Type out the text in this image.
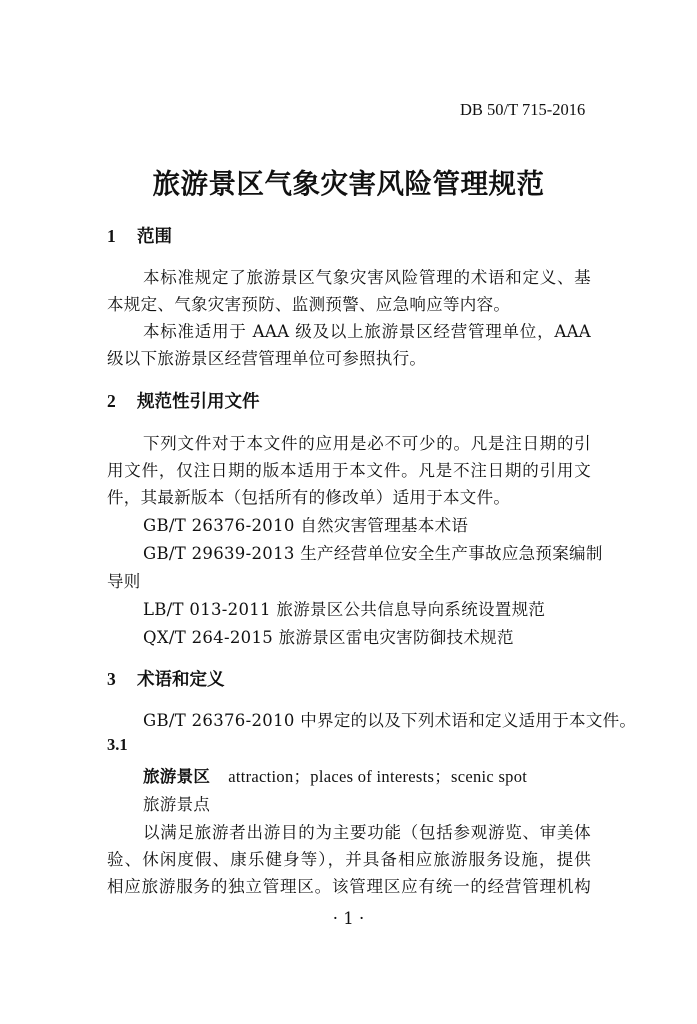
DB 50/T 715-2016
旅游景区气象灾害风险管理规范
1 范围
本标准规定了旅游景区气象灾害风险管理的术语和定义、基
本规定、气象灾害预防、监测预警、应急响应等内容。
本标准适用于 AAA 级及以上旅游景区经营管理单位，AAA
级以下旅游景区经营管理单位可参照执行。
2 规范性引用文件
下列文件对于本文件的应用是必不可少的。凡是注日期的引
用文件，仅注日期的版本适用于本文件。凡是不注日期的引用文
件，其最新版本（包括所有的修改单）适用于本文件。
GB/T 26376-2010 自然灾害管理基本术语
GB/T 29639-2013 生产经营单位安全生产事故应急预案编制
导则
LB/T 013-2011 旅游景区公共信息导向系统设置规范
QX/T 264-2015 旅游景区雷电灾害防御技术规范
3 术语和定义
GB/T 26376-2010 中界定的以及下列术语和定义适用于本文件。
3.1
旅游景区 attraction；places of interests；scenic spot
旅游景点
以满足旅游者出游目的为主要功能（包括参观游览、审美体
验、休闲度假、康乐健身等），并具备相应旅游服务设施，提供
相应旅游服务的独立管理区。该管理区应有统一的经营管理机构
· 1 ·
